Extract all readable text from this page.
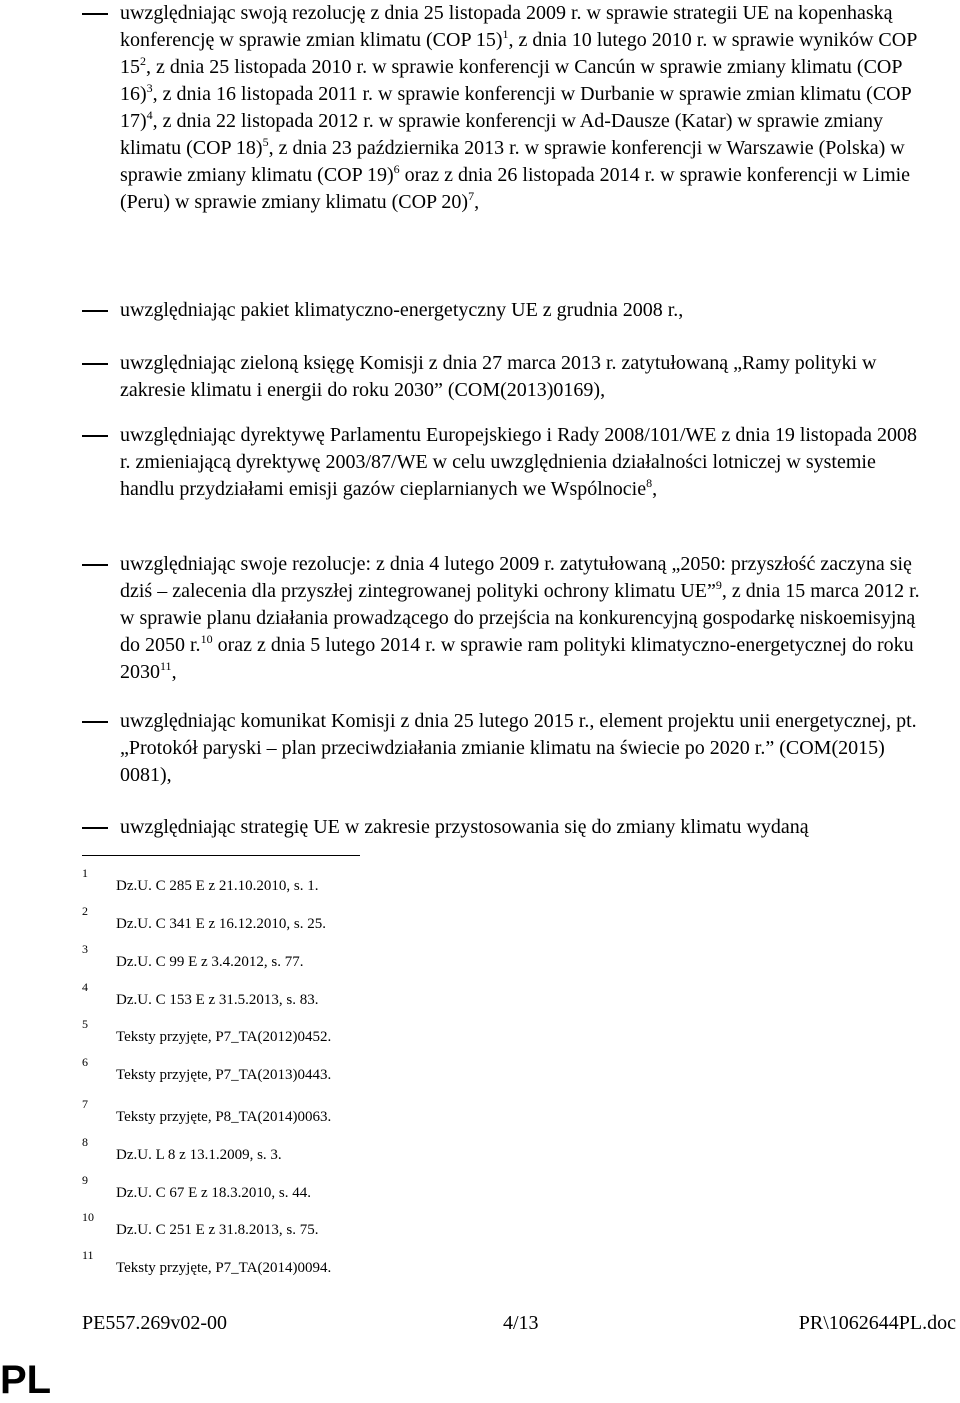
uwzględniając swoją rezolucję z dnia 25 listopada 2009 r. w sprawie strategii UE na kopenhaską konferencję w sprawie zmian klimatu (COP 15)$^1$, z dnia 10 lutego 2010 r. w sprawie wyników COP $15^2$, z dnia 25 listopada 2010 r. w sprawie konferencji w Cancún w sprawie zmiany klimatu (COP 16)$^3$, z dnia 16 listopada 2011 r. w sprawie konferencji w Durbanie w sprawie zmian klimatu (COP 17)$^4$, z dnia 22 listopada 2012 r. w sprawie konferencji w Ad-Dausze (Katar) w sprawie zmiany klimatu (COP 18)$^5$, z dnia 23 października 2013 r. w sprawie konferencji w Warszawie (Polska) w sprawie zmiany klimatu (COP 19)$^6$ oraz z dnia 26 listopada 2014 r. w sprawie konferencji w Limie (Peru) w sprawie zmiany klimatu (COP 20)$^7$,

uwzględniając pakiet klimatyczno-energetyczny UE z grudnia 2008 r.,

uwzględniając zieloną księgę Komisji z dnia 27 marca 2013 r. zatytułowaną „Ramy polityki w zakresie klimatu i energii do roku 2030” (COM(2013)0169),

uwzględniając dyrektywę Parlamentu Europejskiego i Rady 2008/101/WE z dnia 19 listopada 2008 r. zmieniającą dyrektywę 2003/87/WE w celu uwzględnienia działalności lotniczej w systemie handlu przydziałami emisji gazów cieplarnianych we Wspólnocie$^8$,

uwzględniając swoje rezolucje: z dnia 4 lutego 2009 r. zatytułowaną „2050: przyszłość zaczyna się dziś – zalecenia dla przyszłej zintegrowanej polityki ochrony klimatu UE”$^9$, z dnia 15 marca 2012 r. w sprawie planu działania prowadzącego do przejścia na konkurencyjną gospodarkę niskoemisyjną do 2050 r.$^{10}$ oraz z dnia 5 lutego 2014 r. w sprawie ram polityki klimatyczno-energetycznej do roku 2030$^{11}$,

uwzględniając komunikat Komisji z dnia 25 lutego 2015 r., element projektu unii energetycznej, pt. „Protokół paryski – plan przeciwdziałania zmianie klimatu na świecie po 2020 r.” (COM(2015) 0081),

uwzględniając strategię UE w zakresie przystosowania się do zmiany klimatu wydaną

1
Dz.U. C 285 E z 21.10.2010, s. 1.
2
Dz.U. C 341 E z 16.12.2010, s. 25.
3
Dz.U. C 99 E z 3.4.2012, s. 77.
4
Dz.U. C 153 E z 31.5.2013, s. 83.
5
Teksty przyjęte, P7_TA(2012)0452.
6
Teksty przyjęte, P7_TA(2013)0443.
7
Teksty przyjęte, P8_TA(2014)0063.
8
Dz.U. L 8 z 13.1.2009, s. 3.
9
Dz.U. C 67 E z 18.3.2010, s. 44.
10
Dz.U. C 251 E z 31.8.2013, s. 75.
11
Teksty przyjęte, P7_TA(2014)0094.
PE557.269v02-00	4/13	PR\1062644PL.doc
PL
